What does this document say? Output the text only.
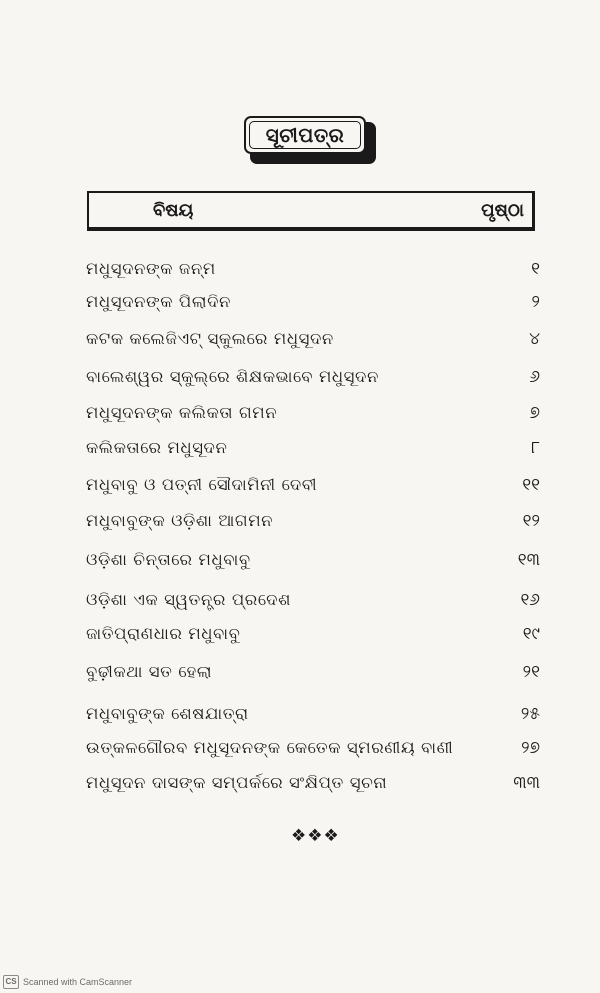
ସୂଚୀପତ୍ର
ବିଷୟ	ପୃଷ୍ଠା
ମଧୁସୂଦନଙ୍କ ଜନ୍ମ	୧
ମଧୁସୂଦନଙ୍କ ପିଲାଦିନ	୨
କଟକ କଲେଜିଏଟ୍ ସ୍କୁଲରେ ମଧୁସୂଦନ	୪
ବାଲେଶ୍ୱର ସ୍କୁଲ୍‌ରେ ଶିକ୍ଷକଭାବେ ମଧୁସୂଦନ	୬
ମଧୁସୂଦନଙ୍କ କଲିକତା ଗମନ	୭
କଲିକତାରେ ମଧୁସୂଦନ	୮
ମଧୁବାବୁ ଓ ପତ୍ନୀ ସୌଦାମିନୀ ଦେବୀ	୧୧
ମଧୁବାବୁଙ୍କ ଓଡ଼ିଶା ଆଗମନ	୧୨
ଓଡ଼ିଶା ଚିନ୍ତାରେ ମଧୁବାବୁ	୧୩
ଓଡ଼ିଶା ଏକ ସ୍ୱତନ୍ତ୍ର ପ୍ରଦେଶ	୧୬
ଜାତିପ୍ରାଣଧାର ମଧୁବାବୁ	୧୯
ବୁଢ଼ୀକଥା ସତ ହେଲା	୨୧
ମଧୁବାବୁଙ୍କ ଶେଷଯାତ୍ରା	୨୫
ଉତ୍କଳଗୌରବ ମଧୁସୂଦନଙ୍କ କେତେକ ସ୍ମରଣୀୟ ବାଣୀ	୨୭
ମଧୁସୂଦନ ଦାସଙ୍କ ସମ୍ପର୍କରେ ସଂକ୍ଷିପ୍ତ ସୂଚନା	୩୩
❖❖❖
CS Scanned with CamScanner
